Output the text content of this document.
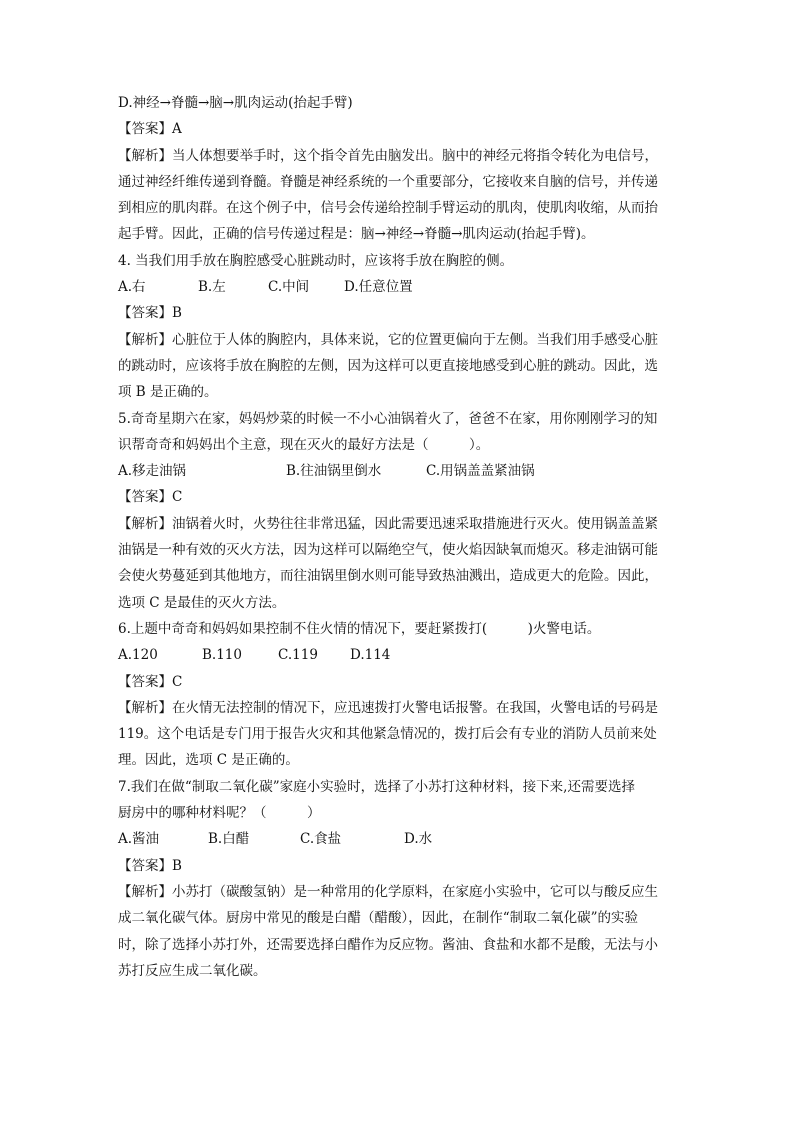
D.神经→脊髓→脑→肌肉运动(抬起手臂)
【答案】A
【解析】当人体想要举手时，这个指令首先由脑发出。脑中的神经元将指令转化为电信号，
通过神经纤维传递到脊髓。脊髓是神经系统的一个重要部分，它接收来自脑的信号，并传递
到相应的肌肉群。在这个例子中，信号会传递给控制手臂运动的肌肉，使肌肉收缩，从而抬
起手臂。因此，正确的信号传递过程是：脑→神经→脊髓→肌肉运动(抬起手臂)。
4. 当我们用手放在胸腔感受心脏跳动时，应该将手放在胸腔的侧。
A.右	B.左	C.中间	D.任意位置
【答案】B
【解析】心脏位于人体的胸腔内，具体来说，它的位置更偏向于左侧。当我们用手感受心脏
的跳动时，应该将手放在胸腔的左侧，因为这样可以更直接地感受到心脏的跳动。因此，选
项 B 是正确的。
5.奇奇星期六在家，妈妈炒菜的时候一不小心油锅着火了，爸爸不在家，用你刚刚学习的知
识帮奇奇和妈妈出个主意，现在灭火的最好方法是（　　　）。
A.移走油锅	B.往油锅里倒水	C.用锅盖盖紧油锅
【答案】C
【解析】油锅着火时，火势往往非常迅猛，因此需要迅速采取措施进行灭火。使用锅盖盖紧
油锅是一种有效的灭火方法，因为这样可以隔绝空气，使火焰因缺氧而熄灭。移走油锅可能
会使火势蔓延到其他地方，而往油锅里倒水则可能导致热油溅出，造成更大的危险。因此，
选项 C 是最佳的灭火方法。
6.上题中奇奇和妈妈如果控制不住火情的情况下，要赶紧拨打(　　　)火警电话。
A.120	B.110	C.119	D.114
【答案】C
【解析】在火情无法控制的情况下，应迅速拨打火警电话报警。在我国，火警电话的号码是
119。这个电话是专门用于报告火灾和其他紧急情况的，拨打后会有专业的消防人员前来处
理。因此，选项 C 是正确的。
7.我们在做“制取二氧化碳”家庭小实验时，选择了小苏打这种材料，接下来,还需要选择
厨房中的哪种材料呢？（　　　）
A.酱油	B.白醋	C.食盐	D.水
【答案】B
【解析】小苏打（碳酸氢钠）是一种常用的化学原料，在家庭小实验中，它可以与酸反应生
成二氧化碳气体。厨房中常见的酸是白醋（醋酸），因此，在制作“制取二氧化碳”的实验
时，除了选择小苏打外，还需要选择白醋作为反应物。酱油、食盐和水都不是酸，无法与小
苏打反应生成二氧化碳。
